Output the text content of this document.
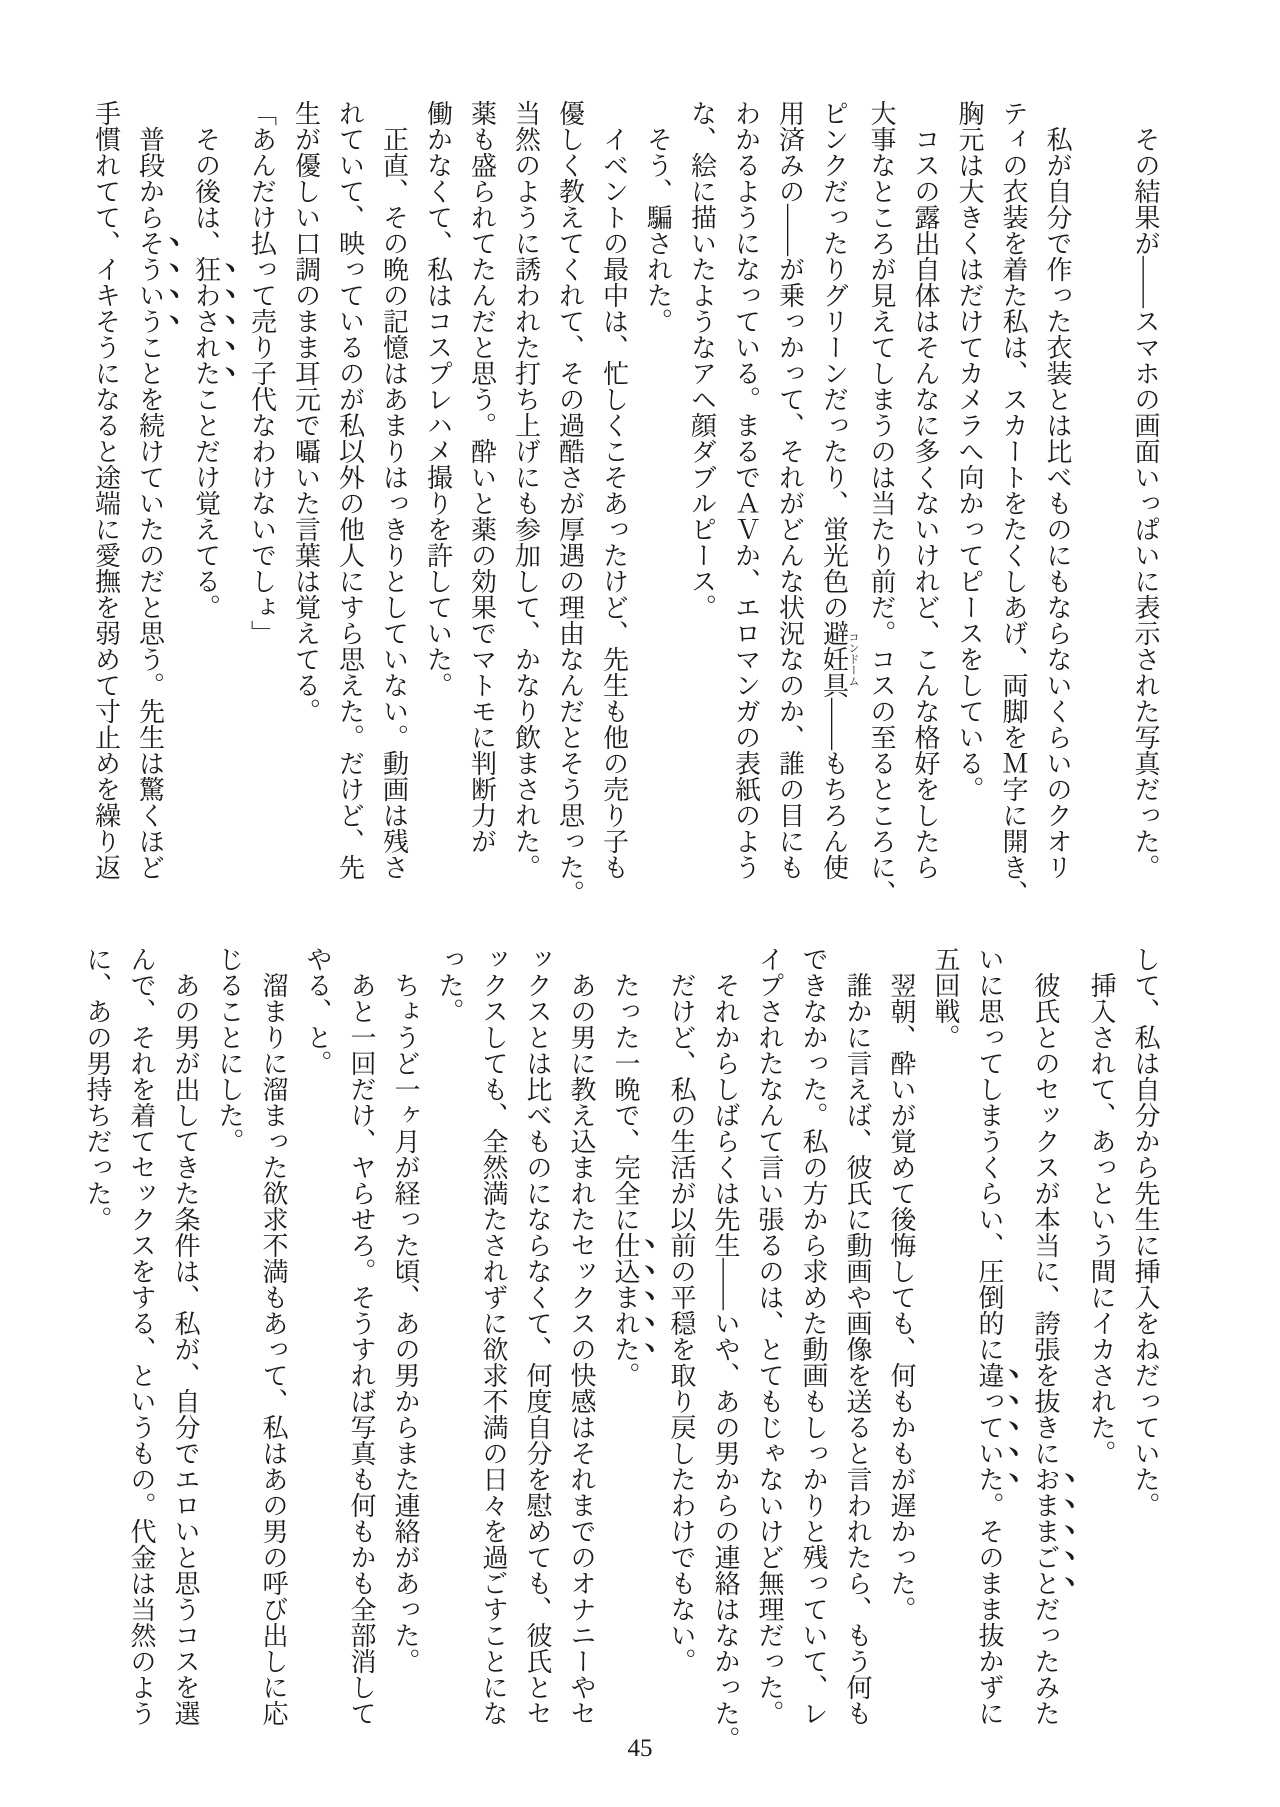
その結果が――スマホの画面いっぱいに表示された写真だった。
私が自分で作った衣装とは比べものにもならないくらいのクオリ
ティの衣装を着た私は、スカートをたくしあげ、両脚をＭ字に開き、
胸元は大きくはだけてカメラへ向かってピースをしている。
コスの露出自体はそんなに多くないけれど、こんな格好をしたら
大事なところが見えてしまうのは当たり前だ。コスの至るところに、
ピンクだったりグリーンだったり、蛍光色の避妊具コンドーム――もちろん使
用済みの――が乗っかって、それがどんな状況なのか、誰の目にも
わかるようになっている。まるでＡＶか、エロマンガの表紙のよう
な、絵に描いたようなアヘ顔ダブルピース。
そう、騙された。
イベントの最中は、忙しくこそあったけど、先生も他の売り子も
優しく教えてくれて、その過酷さが厚遇の理由なんだとそう思った。
当然のように誘われた打ち上げにも参加して、かなり飲まされた。
薬も盛られてたんだと思う。酔いと薬の効果でマトモに判断力が
働かなくて、私はコスプレハメ撮りを許していた。
正直、その晩の記憶はあまりはっきりとしていない。動画は残さ
れていて、映っているのが私以外の他人にすら思えた。だけど、先
生が優しい口調のまま耳元で囁いた言葉は覚えてる。
「あんだけ払って売り子代なわけないでしょ」
その後は、狂わされたことだけ覚えてる。
普段からそういうことを続けていたのだと思う。先生は驚くほど
手慣れてて、イキそうになると途端に愛撫を弱めて寸止めを繰り返
して、私は自分から先生に挿入をねだっていた。
挿入されて、あっという間にイカされた。
彼氏とのセックスが本当に、誇張を抜きにおままごとだったみた
いに思ってしまうくらい、圧倒的に違っていた。そのまま抜かずに
五回戦。
翌朝、酔いが覚めて後悔しても、何もかもが遅かった。
誰かに言えば、彼氏に動画や画像を送ると言われたら、もう何も
できなかった。私の方から求めた動画もしっかりと残っていて、レ
イプされたなんて言い張るのは、とてもじゃないけど無理だった。
それからしばらくは先生――いや、あの男からの連絡はなかった。
だけど、私の生活が以前の平穏を取り戻したわけでもない。
たった一晩で、完全に仕込まれた。
あの男に教え込まれたセックスの快感はそれまでのオナニーやセ
ックスとは比べものにならなくて、何度自分を慰めても、彼氏とセ
ックスしても、全然満たされずに欲求不満の日々を過ごすことにな
った。
ちょうど一ヶ月が経った頃、あの男からまた連絡があった。
あと一回だけ、ヤらせろ。そうすれば写真も何もかも全部消して
やる、と。
溜まりに溜まった欲求不満もあって、私はあの男の呼び出しに応
じることにした。
あの男が出してきた条件は、私が、自分でエロいと思うコスを選
んで、それを着てセックスをする、というもの。代金は当然のよう
に、あの男持ちだった。
45
